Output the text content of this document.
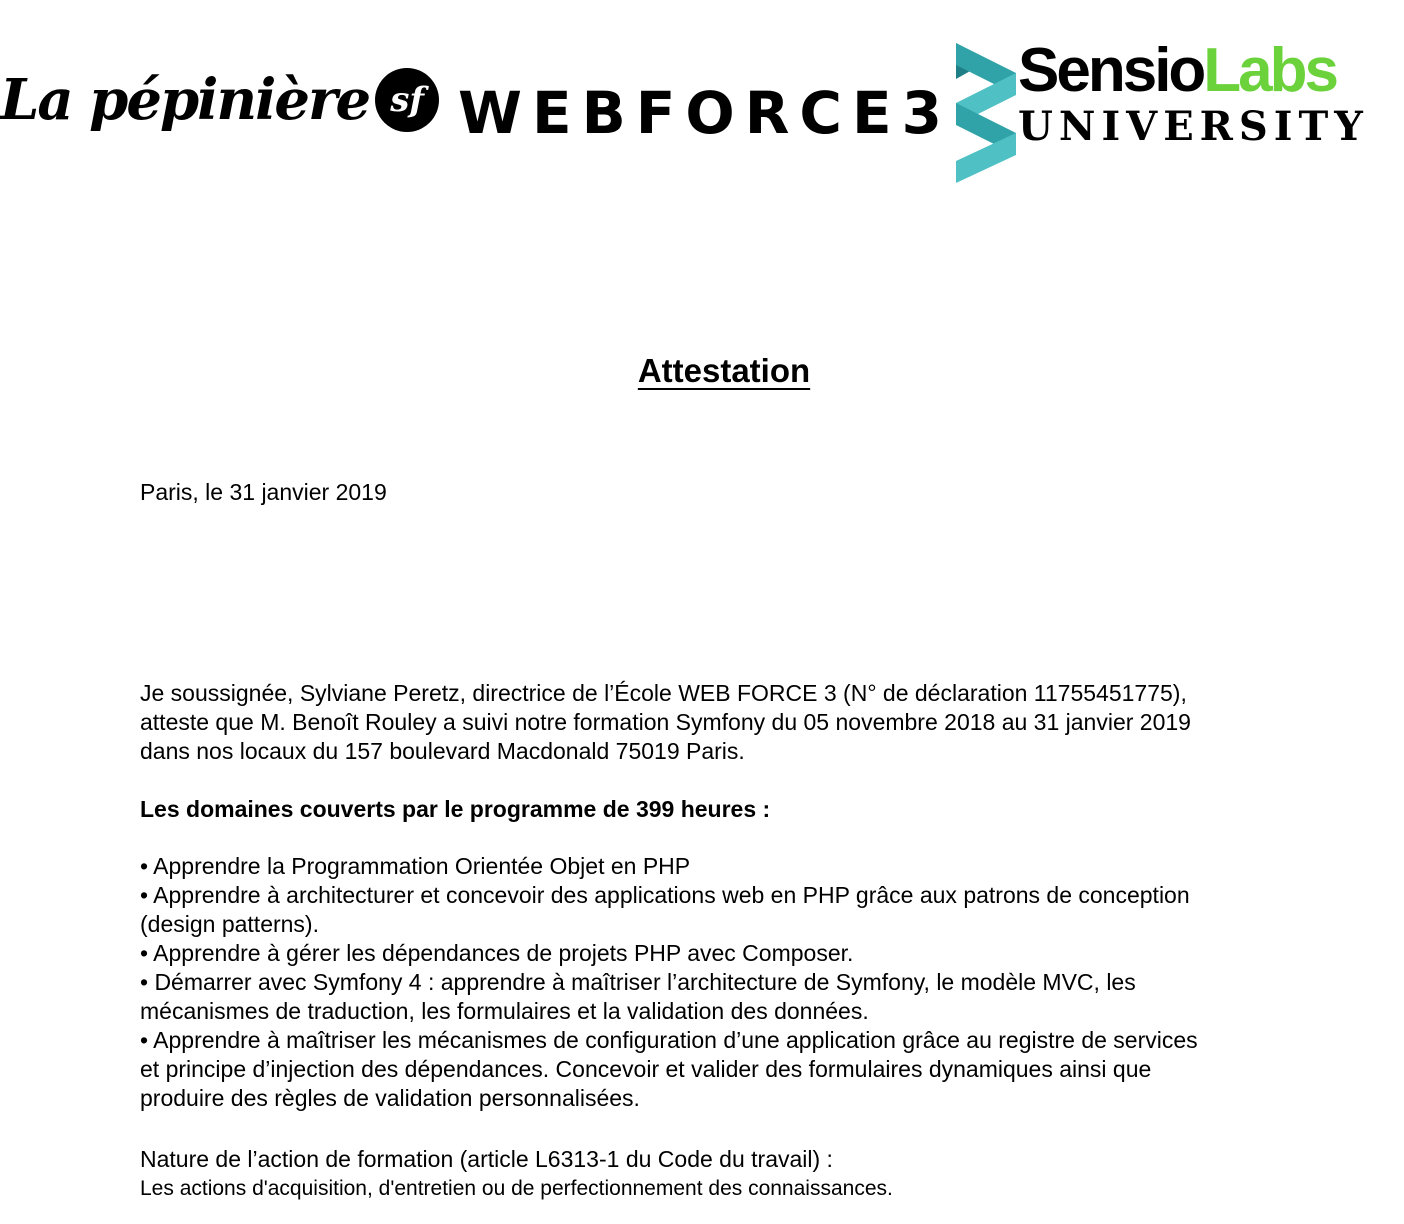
La pépinière sf WEBFORCE3
SensioLabs
UNIVERSITY
Attestation
Paris, le 31 janvier 2019

Je soussignée, Sylviane Peretz, directrice de l’École WEB FORCE 3 (N° de déclaration 11755451775),

atteste que M. Benoît Rouley a suivi notre formation Symfony du 05 novembre 2018 au 31 janvier 2019

dans nos locaux du 157 boulevard Macdonald 75019 Paris.

Les domaines couverts par le programme de 399 heures :

• Apprendre la Programmation Orientée Objet en PHP

• Apprendre à architecturer et concevoir des applications web en PHP grâce aux patrons de conception

(design patterns).

• Apprendre à gérer les dépendances de projets PHP avec Composer.

• Démarrer avec Symfony 4 : apprendre à maîtriser l’architecture de Symfony, le modèle MVC, les

mécanismes de traduction, les formulaires et la validation des données.

• Apprendre à maîtriser les mécanismes de configuration d’une application grâce au registre de services

et principe d’injection des dépendances. Concevoir et valider des formulaires dynamiques ainsi que

produire des règles de validation personnalisées.

Nature de l’action de formation (article L6313-1 du Code du travail) :
Les actions d'acquisition, d'entretien ou de perfectionnement des connaissances.
